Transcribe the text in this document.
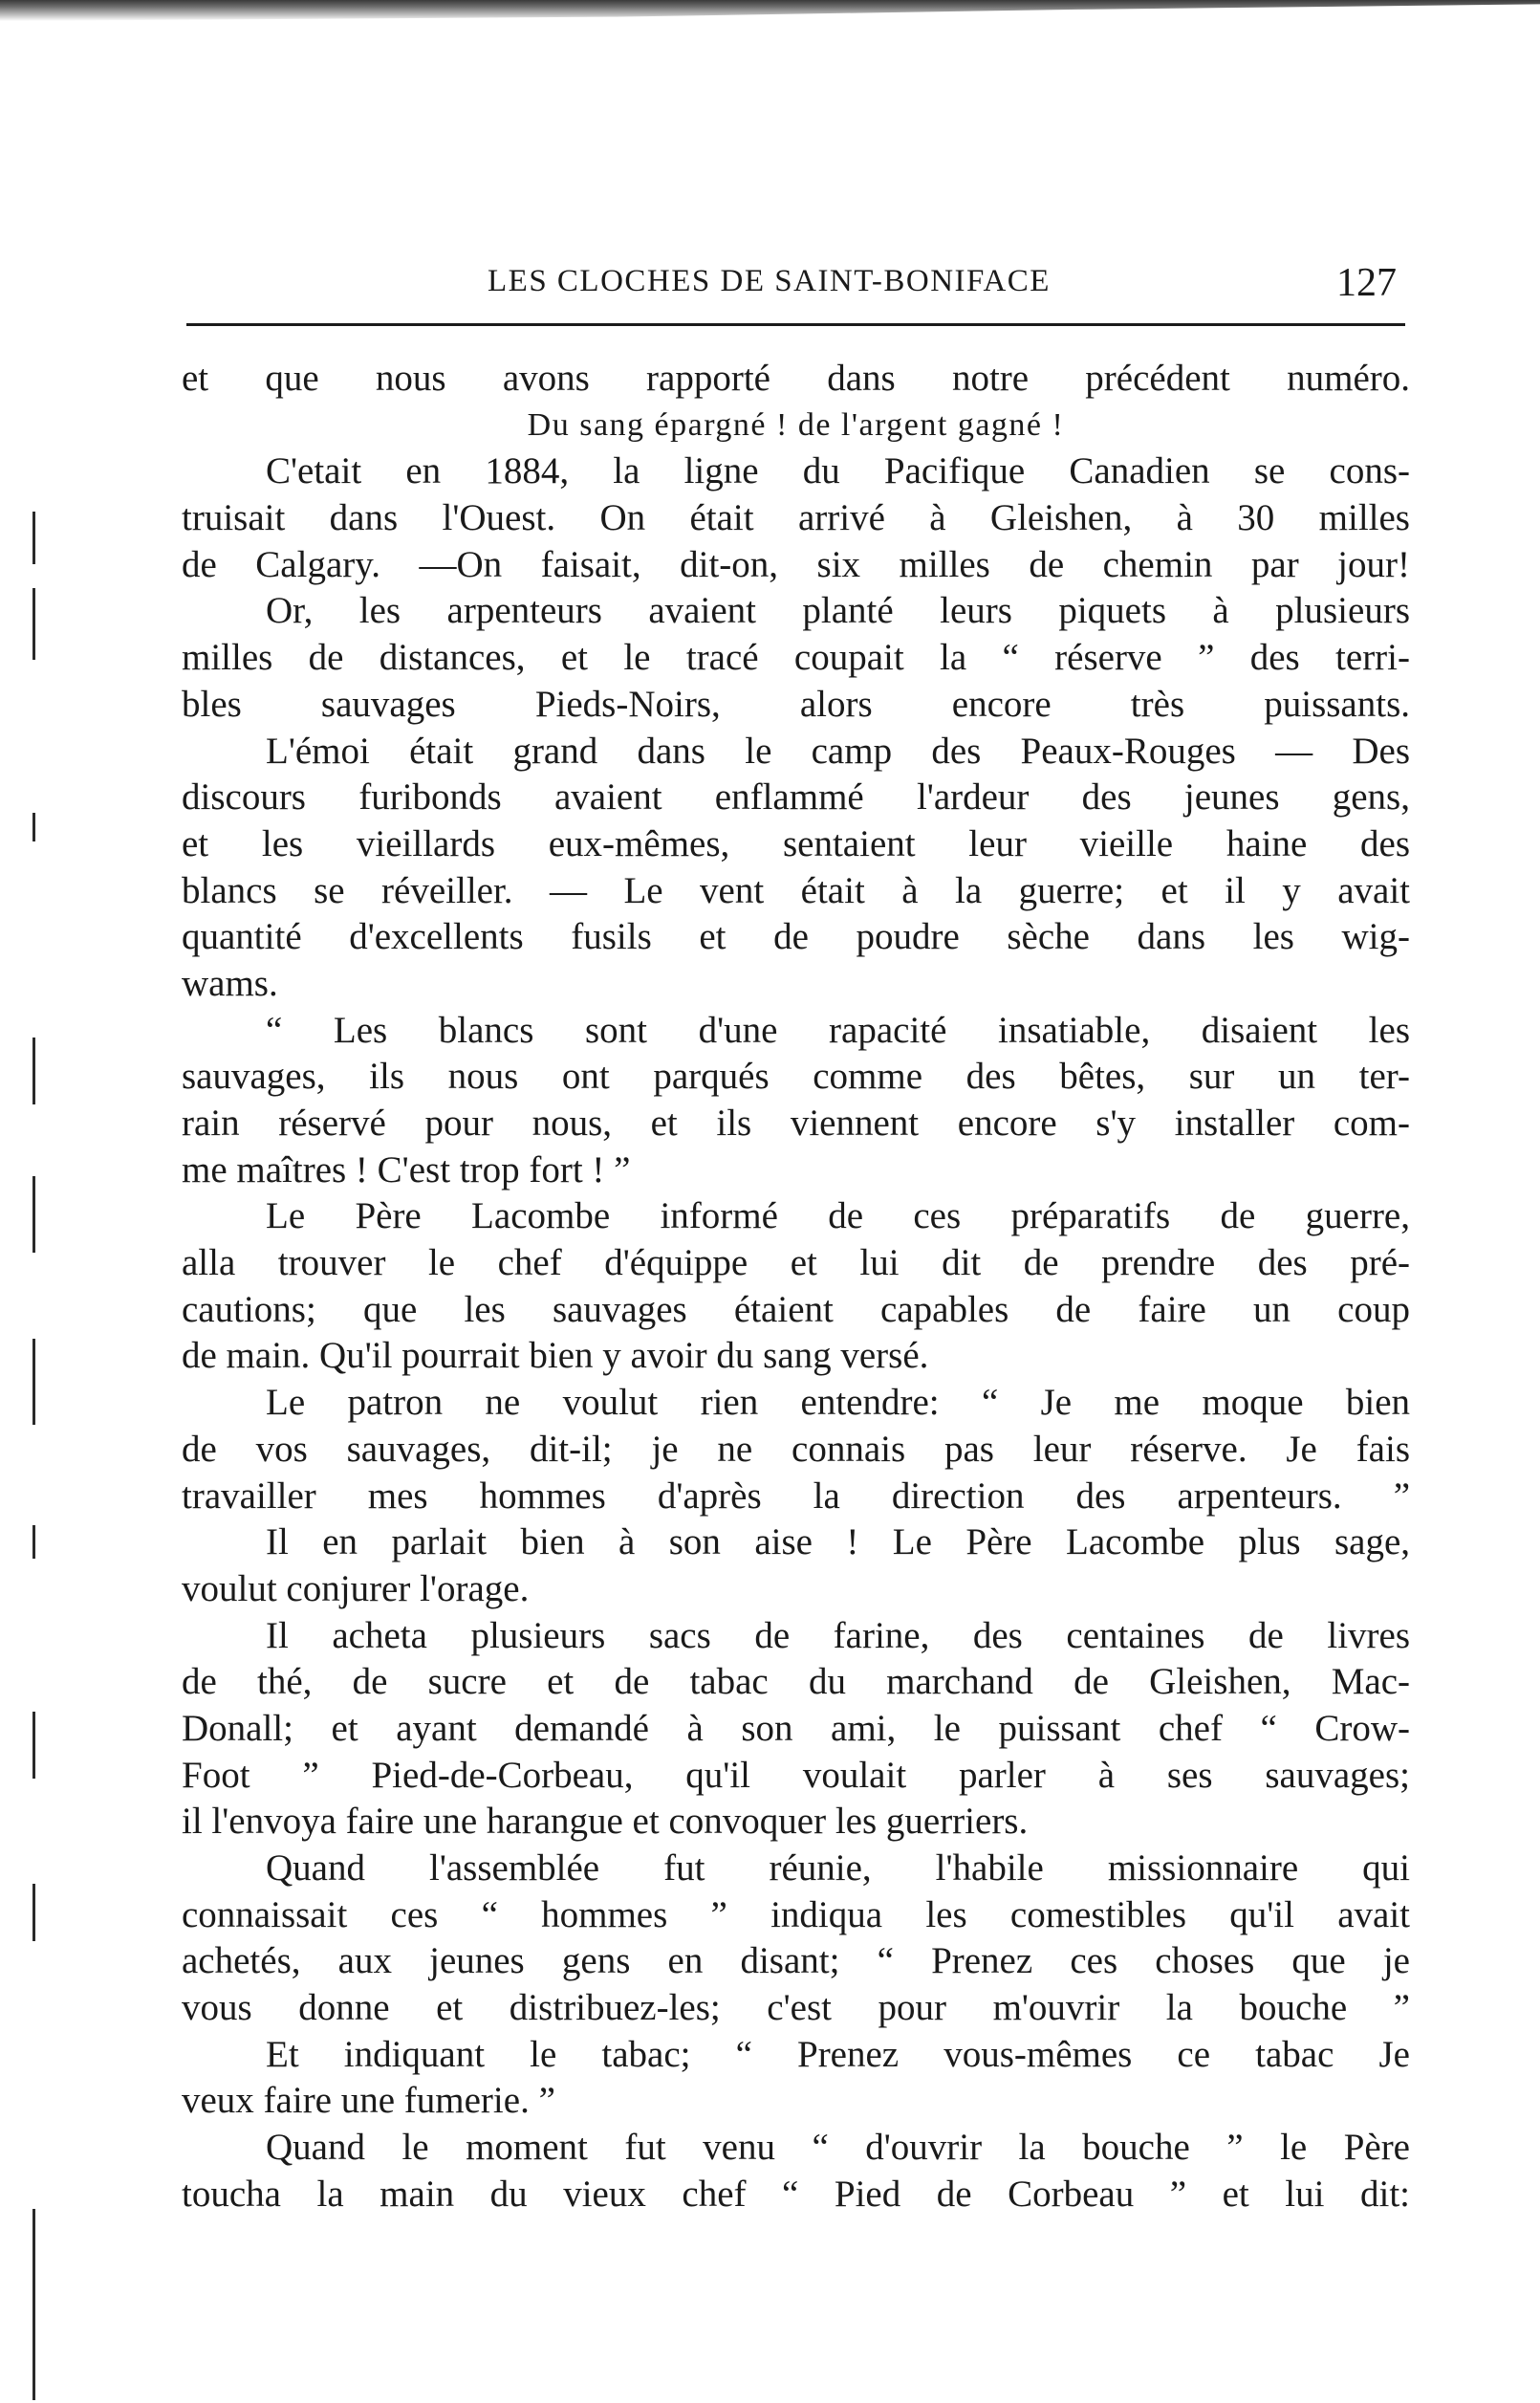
LES CLOCHES DE SAINT-BONIFACE	127
et que nous avons rapporté dans notre précédent numéro.
Du sang épargné ! de l'argent gagné !
C'etait en 1884, la ligne du Pacifique Canadien se cons-
truisait dans l'Ouest. On était arrivé à Gleishen, à 30 milles
de Calgary. —On faisait, dit-on, six milles de chemin par jour!
Or, les arpenteurs avaient planté leurs piquets à plusieurs
milles de distances, et le tracé coupait la “ réserve ” des terri-
bles sauvages Pieds-Noirs, alors encore très puissants.
L'émoi était grand dans le camp des Peaux-Rouges — Des
discours furibonds avaient enflammé l'ardeur des jeunes gens,
et les vieillards eux-mêmes, sentaient leur vieille haine des
blancs se réveiller. — Le vent était à la guerre; et il y avait
quantité d'excellents fusils et de poudre sèche dans les wig-
wams.
“ Les blancs sont d'une rapacité insatiable, disaient les
sauvages, ils nous ont parqués comme des bêtes, sur un ter-
rain réservé pour nous, et ils viennent encore s'y installer com-
me maîtres ! C'est trop fort ! ”
Le Père Lacombe informé de ces préparatifs de guerre,
alla trouver le chef d'équippe et lui dit de prendre des pré-
cautions; que les sauvages étaient capables de faire un coup
de main. Qu'il pourrait bien y avoir du sang versé.
Le patron ne voulut rien entendre: “ Je me moque bien
de vos sauvages, dit-il; je ne connais pas leur réserve. Je fais
travailler mes hommes d'après la direction des arpenteurs. ”
Il en parlait bien à son aise ! Le Père Lacombe plus sage,
voulut conjurer l'orage.
Il acheta plusieurs sacs de farine, des centaines de livres
de thé, de sucre et de tabac du marchand de Gleishen, Mac-
Donall; et ayant demandé à son ami, le puissant chef “ Crow-
Foot ” Pied-de-Corbeau, qu'il voulait parler à ses sauvages;
il l'envoya faire une harangue et convoquer les guerriers.
Quand l'assemblée fut réunie, l'habile missionnaire qui
connaissait ces “ hommes ” indiqua les comestibles qu'il avait
achetés, aux jeunes gens en disant; “ Prenez ces choses que je
vous donne et distribuez-les; c'est pour m'ouvrir la bouche ”
Et indiquant le tabac; “ Prenez vous-mêmes ce tabac Je
veux faire une fumerie. ”
Quand le moment fut venu “ d'ouvrir la bouche ” le Père
toucha la main du vieux chef “ Pied de Corbeau ” et lui dit:
